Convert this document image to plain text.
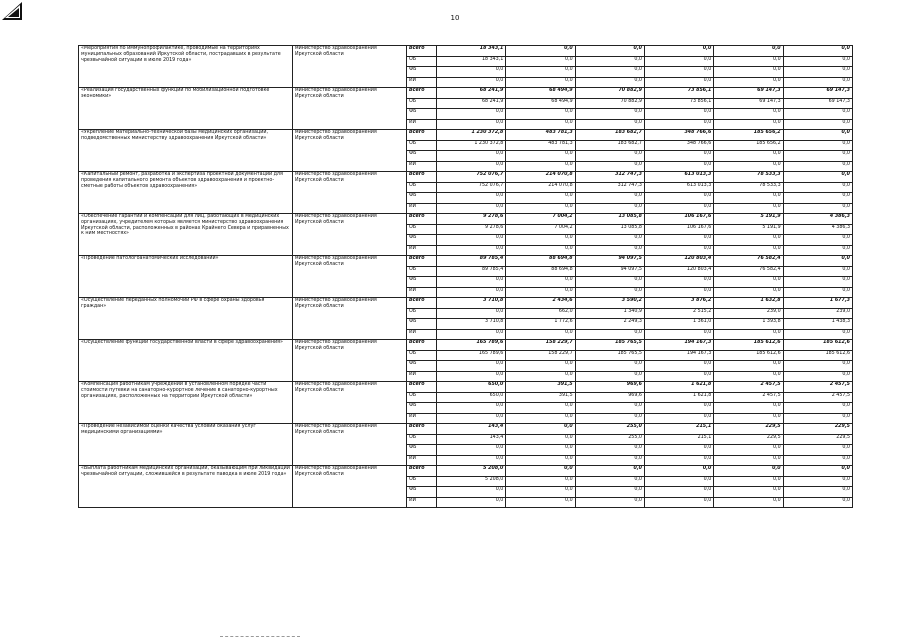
10
«Мероприятия по иммунопрофилактике, проводимые на территориях муниципальных образований Иркутской области, пострадавших в результате чрезвычайной ситуации в июле 2019 года»	министерство здравоохранения Иркутской области	Всего	18 343,1	0,0	0,0	0,0	0,0	0,0
		ОБ	18 343,1	0,0	0,0	0,0	0,0	0,0
		ФБ	0,0	0,0	0,0	0,0	0,0	0,0
		ИИ	0,0	0,0	0,0	0,0	0,0	0,0

«Реализация государственных функций по мобилизационной подготовке экономики»	министерство здравоохранения Иркутской области	Всего	68 241,9	68 494,9	70 882,9	73 856,1	69 147,3	69 147,3
		ОБ	68 241,9	68 494,9	70 882,9	73 856,1	69 147,3	69 147,3
		ФБ	0,0	0,0	0,0	0,0	0,0	0,0
		ИИ	0,0	0,0	0,0	0,0	0,0	0,0

«Укрепление материально-технической базы медицинских организаций, подведомственных министерству здравоохранения Иркутской области»	министерство здравоохранения Иркутской области	Всего	1 230 372,8	483 781,3	183 682,7	348 766,6	185 656,2	0,0
		ОБ	1 230 372,8	483 781,3	183 682,7	348 766,6	185 656,2	0,0
		ФБ	0,0	0,0	0,0	0,0	0,0	0,0
		ИИ	0,0	0,0	0,0	0,0	0,0	0,0

«Капитальный ремонт, разработка и экспертиза проектной документации для проведения капитального ремонта объектов здравоохранения и проектно-сметные работы объектов здравоохранения»	министерство здравоохранения Иркутской области	Всего	752 076,7	214 070,8	312 747,3	613 013,3	78 533,3	0,0
		ОБ	752 076,7	214 070,8	312 747,3	613 013,3	78 533,3	0,0
		ФБ	0,0	0,0	0,0	0,0	0,0	0,0
		ИИ	0,0	0,0	0,0	0,0	0,0	0,0

«Обеспечение гарантий и компенсаций для лиц, работающих в медицинских организациях, учредителем которых является министерство здравоохранения Иркутской области, расположенных в районах Крайнего Севера и приравненных к ним местностях»	министерство здравоохранения Иркутской области	Всего	9 278,6	7 004,2	13 085,8	106 167,6	5 191,9	4 386,3
		ОБ	9 278,6	7 004,2	13 085,8	106 167,6	5 191,9	4 386,3
		ФБ	0,0	0,0	0,0	0,0	0,0	0,0
		ИИ	0,0	0,0	0,0	0,0	0,0	0,0

«Проведение патологоанатомических исследований»	министерство здравоохранения Иркутской области	Всего	89 785,4	88 694,8	94 097,5	120 803,4	76 582,4	0,0
		ОБ	89 785,4	88 694,8	94 097,5	120 803,4	76 582,4	0,0
		ФБ	0,0	0,0	0,0	0,0	0,0	0,0
		ИИ	0,0	0,0	0,0	0,0	0,0	0,0

«Осуществление переданных полномочий РФ в сфере охраны здоровья граждан»	министерство здравоохранения Иркутской области	Всего	3 710,8	2 434,6	3 590,2	3 876,2	1 632,8	1 677,3
		ОБ	0,0	662,0	1 340,9	2 515,2	239,0	239,0
		ФБ	3 710,8	1 772,6	2 249,3	1 361,0	1 393,8	1 438,3
		ИИ	0,0	0,0	0,0	0,0	0,0	0,0

«Осуществление функций государственной власти в сфере здравоохранения»	министерство здравоохранения Иркутской области	Всего	165 789,6	158 229,7	185 765,5	194 167,3	185 612,6	185 612,6
		ОБ	165 789,6	158 229,7	185 765,5	194 167,3	185 612,6	185 612,6
		ФБ	0,0	0,0	0,0	0,0	0,0	0,0
		ИИ	0,0	0,0	0,0	0,0	0,0	0,0

«Компенсация работникам учреждений в установленном порядке части стоимости путевки на санаторно-курортное лечение в санаторно-курортных организациях, расположенных на территории Иркутской области»	министерство здравоохранения Иркутской области	Всего	650,0	391,5	969,6	1 621,8	2 457,5	2 457,5
		ОБ	650,0	391,5	969,6	1 621,8	2 457,5	2 457,5
		ФБ	0,0	0,0	0,0	0,0	0,0	0,0
		ИИ	0,0	0,0	0,0	0,0	0,0	0,0

«Проведение независимой оценки качества условий оказания услуг медицинскими организациями»	министерство здравоохранения Иркутской области	Всего	143,4	0,0	255,0	215,1	229,5	229,5
		ОБ	143,4	0,0	255,0	215,1	229,5	229,5
		ФБ	0,0	0,0	0,0	0,0	0,0	0,0
		ИИ	0,0	0,0	0,0	0,0	0,0	0,0

«Выплата работникам медицинских организаций, оказывающим при ликвидации чрезвычайной ситуации, сложившейся в результате паводка в июле 2019 года»	министерство здравоохранения Иркутской области	Всего	5 208,0	0,0	0,0	0,0	0,0	0,0
		ОБ	5 208,0	0,0	0,0	0,0	0,0	0,0
		ФБ	0,0	0,0	0,0	0,0	0,0	0,0
		ИИ	0,0	0,0	0,0	0,0	0,0	0,0
